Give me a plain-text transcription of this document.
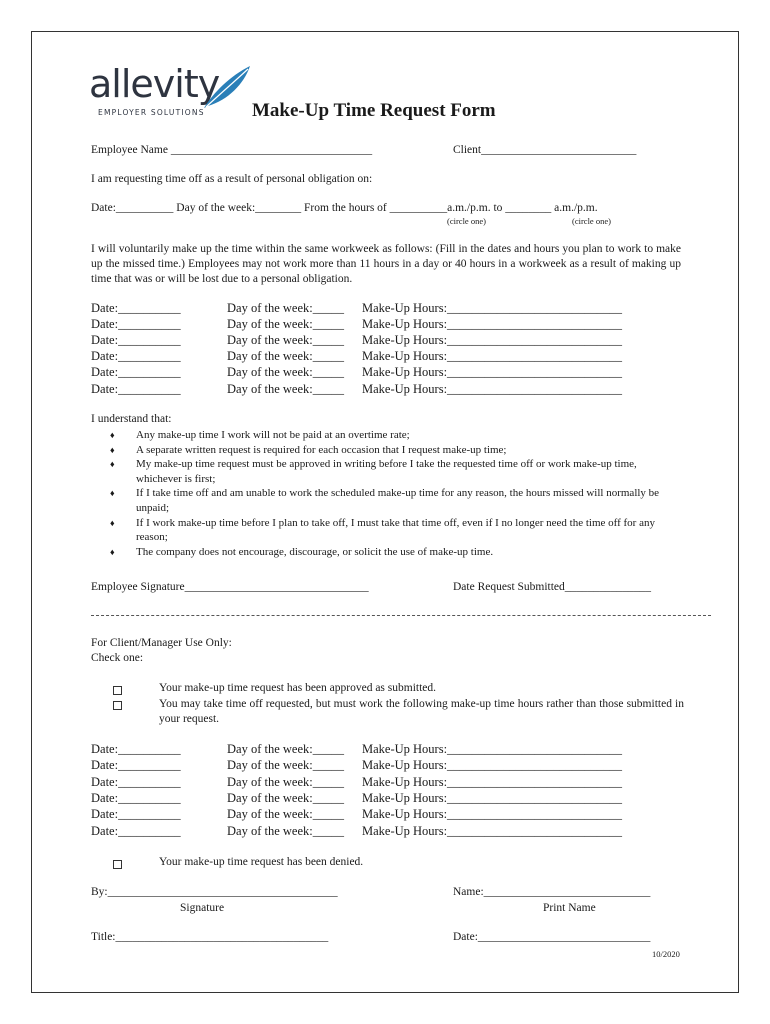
allevity
EMPLOYER SOLUTIONS Make-Up Time Request Form
Employee Name ___________________________________	Client___________________________
I am requesting time off as a result of personal obligation on:
Date:__________ Day of the week:________ From the hours of __________a.m./p.m. to ________ a.m./p.m.
(circle one)	(circle one)
I will voluntarily make up the time within the same workweek as follows: (Fill in the dates and hours you plan to work to make up the missed time.) Employees may not work more than 11 hours in a day or 40 hours in a workweek as a result of making up time that was or will be lost due to a personal obligation.
Date:__________	Day of the week:_____ Make-Up Hours:____________________________
Date:__________	Day of the week:_____ Make-Up Hours:____________________________
Date:__________	Day of the week:_____ Make-Up Hours:____________________________
Date:__________	Day of the week:_____ Make-Up Hours:____________________________
Date:__________	Day of the week:_____ Make-Up Hours:____________________________
Date:__________	Day of the week:_____ Make-Up Hours:____________________________
I understand that:
♦ Any make-up time I work will not be paid at an overtime rate;
♦ A separate written request is required for each occasion that I request make-up time;
♦ My make-up time request must be approved in writing before I take the requested time off or work make-up time, whichever is first;
♦ If I take time off and am unable to work the scheduled make-up time for any reason, the hours missed will normally be unpaid;
♦ If I work make-up time before I plan to take off, I must take that time off, even if I no longer need the time off for any reason;
♦ The company does not encourage, discourage, or solicit the use of make-up time.
Employee Signature________________________________	Date Request Submitted_______________
For Client/Manager Use Only:
Check one:
Your make-up time request has been approved as submitted.
You may take time off requested, but must work the following make-up time hours rather than those submitted in your request.
Date:__________	Day of the week:_____ Make-Up Hours:____________________________
Date:__________	Day of the week:_____ Make-Up Hours:____________________________
Date:__________	Day of the week:_____ Make-Up Hours:____________________________
Date:__________	Day of the week:_____ Make-Up Hours:____________________________
Date:__________	Day of the week:_____ Make-Up Hours:____________________________
Date:__________	Day of the week:_____ Make-Up Hours:____________________________
Your make-up time request has been denied.
By:________________________________________
Signature
Name:_____________________________
Print Name
Title:_____________________________________	Date:______________________________
10/2020
